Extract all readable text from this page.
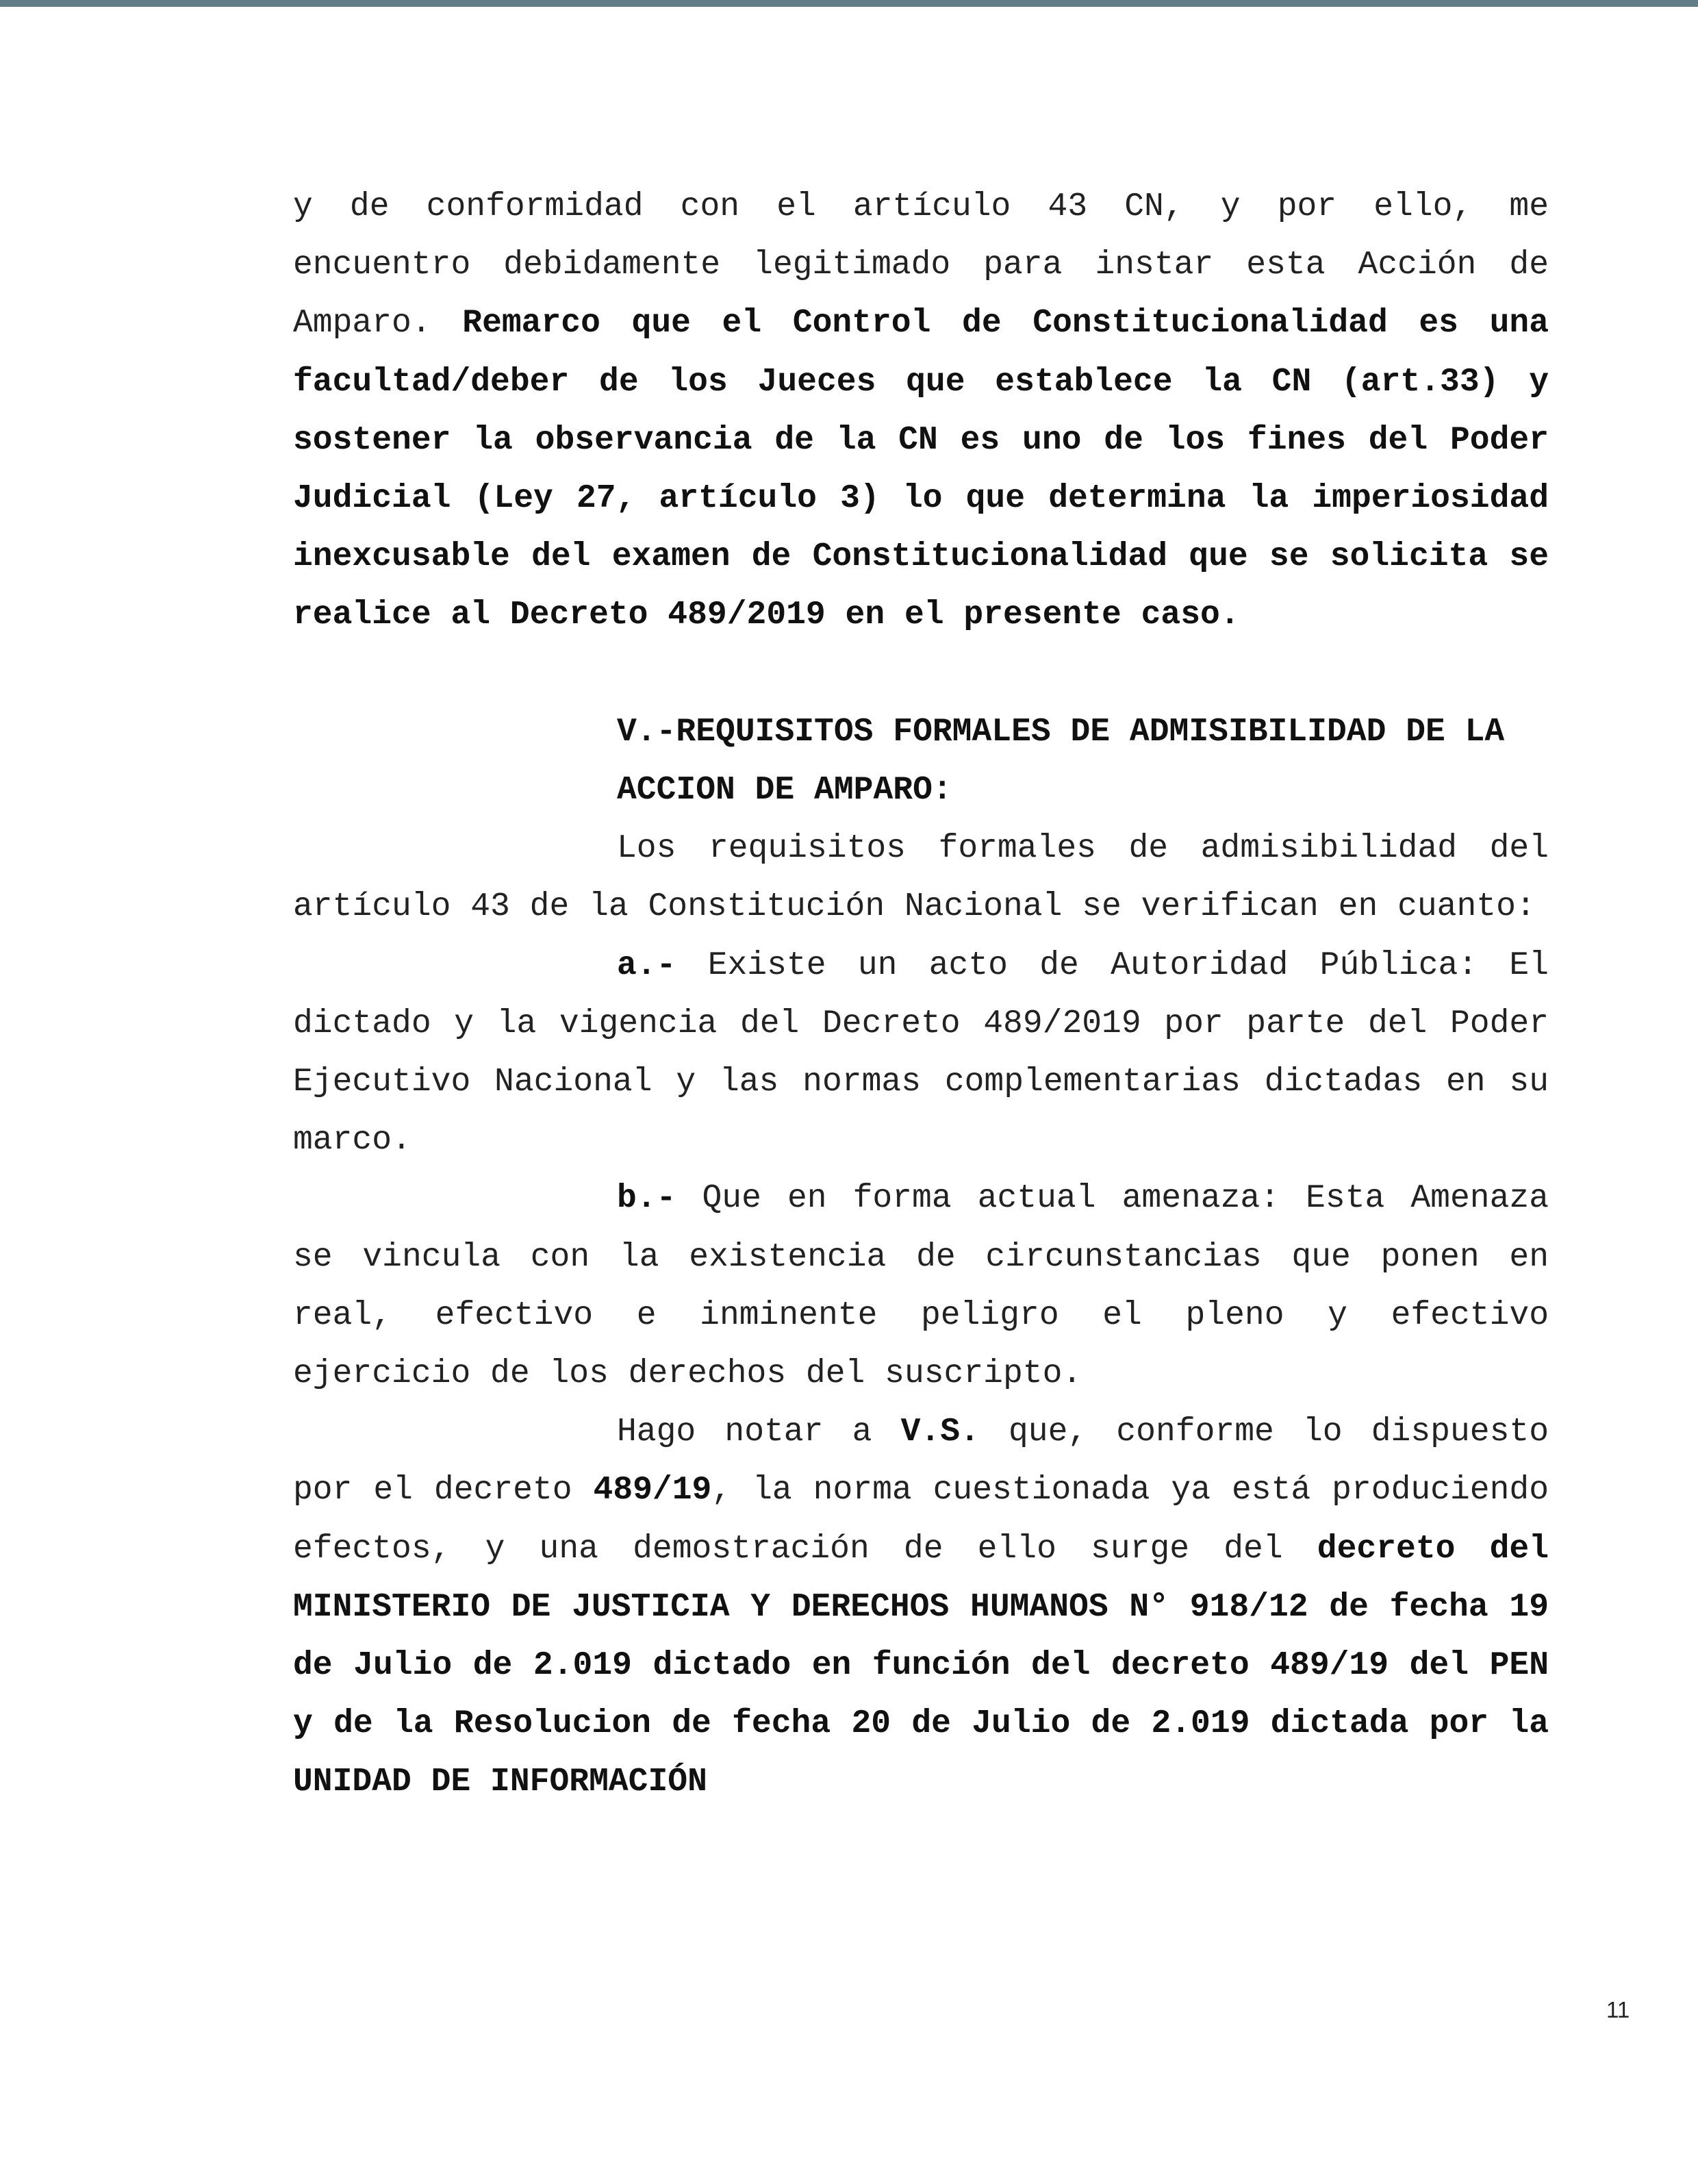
y de conformidad con el artículo 43 CN, y por ello, me encuentro debidamente legitimado para instar esta Acción de Amparo. Remarco que el Control de Constitucionalidad es una facultad/deber de los Jueces que establece la CN (art.33) y sostener la observancia de la CN es uno de los fines del Poder Judicial (Ley 27, artículo 3) lo que determina la imperiosidad inexcusable del examen de Constitucionalidad que se solicita se realice al Decreto 489/2019 en el presente caso.

V.-REQUISITOS FORMALES DE ADMISIBILIDAD DE LA
ACCION DE AMPARO:

Los requisitos formales de admisibilidad del artículo 43 de la Constitución Nacional se verifican en cuanto:

a.- Existe un acto de Autoridad Pública: El dictado y la vigencia del Decreto 489/2019 por parte del Poder Ejecutivo Nacional y las normas complementarias dictadas en su marco.

b.- Que en forma actual amenaza: Esta Amenaza se vincula con la existencia de circunstancias que ponen en real, efectivo e inminente peligro el pleno y efectivo ejercicio de los derechos del suscripto.

Hago notar a V.S. que, conforme lo dispuesto por el decreto 489/19, la norma cuestionada ya está produciendo efectos, y una demostración de ello surge del decreto del MINISTERIO DE JUSTICIA Y DERECHOS HUMANOS N° 918/12 de fecha 19 de Julio de 2.019 dictado en función del decreto 489/19 del PEN y de la Resolucion de fecha 20 de Julio de 2.019 dictada por la UNIDAD DE INFORMACIÓN

11
